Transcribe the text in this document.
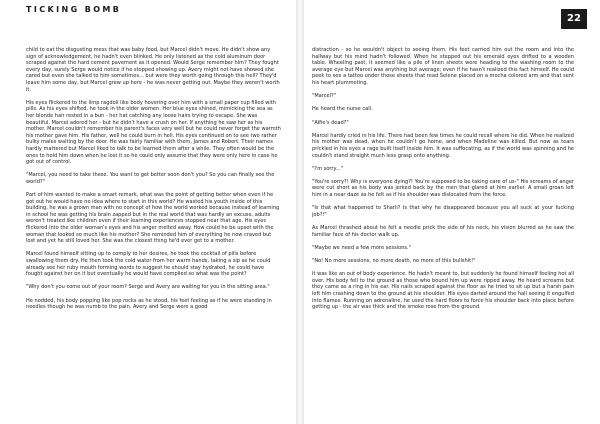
TICKING BOMB
22

child to eat the disgusting mess that was baby food, but Marcel didn't move. He didn't show any sign of acknowledgement, he hadn't even blinked. He only listened as the cold aluminum door scraped against the hard cement pavement as it opened. Would Serge remember him? They fought every day, surely Serge would notice if he stopped showing up. Avery might not have showed she cared but even she talked to him sometimes... but were they worth going through this hell? They'd leave him some day, but Marcel grew up here - he was never getting out. Maybe they weren't worth it.

His eyes flickered to the limp ragdoll like body hovering over him with a small paper cup filled with pills. As his eyes shifted, he took in the older women. Her blue eyes shined, mimicking the sea as her blonde hair rested in a bun - her hat catching any loose hairs trying to escape. She was beautiful, Marcel adored her - but he didn't have a crush on her. If anything he saw her as his mother. Marcel couldn't remember his parent's faces very well but he could never forget the warmth his mother gave him. His father, well he could burn in hell. His eyes continued on to see two rather bulky males waiting by the door. He was fairly familiar with them, James and Robert. Their names hardly mattered but Marcel liked to talk to be learned them after a while. They often would be the ones to hold him down when he lost it so he could only assume that they were only here in case he got out of control.

"Marcel, you need to take these. You want to get better soon don't you? So you can finally see the world?"

Part of him wanted to make a smart remark, what was the point of getting better when even if he got out he would have no idea where to start in this world? He wasted his youth inside of this building, he was a grown man with no concept of how the world worked because instead of learning in school he was getting his brain zapped but in the real world that was hardly an excuse, adults weren't treated like children even if their learning experiences stopped near that age. His eyes flickered into the older woman's eyes and his anger melted away. How could he be upset with the woman that looked so much like his mother? She reminded him of everything he now craved but lost and yet he still loved her. She was the closest thing he'd ever get to a mother.

Marcel found himself sitting up to comply to her desires, he took the cocktail of pills before swallowing them dry. He then took the cold water from her warm hands, taking a sip as he could already see her ruby mouth forming words to suggest he should stay hydrated, he could have fought against her on it but eventually he would have complied so what was the point?

"Why don't you come out of your room? Serge and Avery are waiting for you in the sitting area."

He nodded, his body popping like pop rocks as he stood, his feet feeling as if he were standing in needles though he was numb to the pain. Avery and Serge were a good

distraction - so he wouldn't object to seeing them. His feet carried him out the room and into the hallway but his mind hadn't followed. When he stepped out his emerald eyes drifted to a wooden table. Wheeling past, it seemed like a pile of linen sheets were heading to the washing room to the average eye but Marcel was anything but average; even if he hasn't realized this fact himself. He could peek to see a tattoo under those sheets that read Selene placed on a mocha colored arm and that sent his heart plummeting.

"Marcel?"

He heard the nurse call.

"Alfie's dead?"

Marcel hardly cried in his life. There had been few times he could recall where he did. When he realized his mother was dead, when he couldn't go home, and when Madeline was killed. But now as tears prickled in his eyes a rage built itself inside him. It was suffocating, as if the world was spinning and he couldn't stand straight much less grasp onto anything.

"I'm sorry..."

"You're sorry?! Why is everyone dying?! You're supposed to be taking care of us-" His screams of anger were cut short as his body was jerked back by the men that glared at him earlier. A small groan left him in a near daze as he felt as if his shoulder was dislocated from the force.

"Is that what happened to Sharli? Is that why he disappeared because you all suck at your fucking job?!"

As Marcel thrashed about he felt a needle prick the side of his neck, his vision blurred as he saw the familiar face of his doctor walk up.

"Maybe we need a few more sessions."

"No! No more sessions, no more death, no more of this bullshit!"

It was like an out of body experience. He hadn't meant to, but suddenly he found himself feeling hot all over. His body fell to the ground as those who bound him up were ripped away. He heard screams but they came as a ring in his ear. His nails scraped against the floor as he tried to sit up but a harsh pain left him crashing down to the ground at his shoulder. His eyes darted around the hall seeing it engulfed into flames. Running on adrenaline, he used the hard floors to force his shoulder back into place before getting up - the air was thick and the smoke rose from the ground.
